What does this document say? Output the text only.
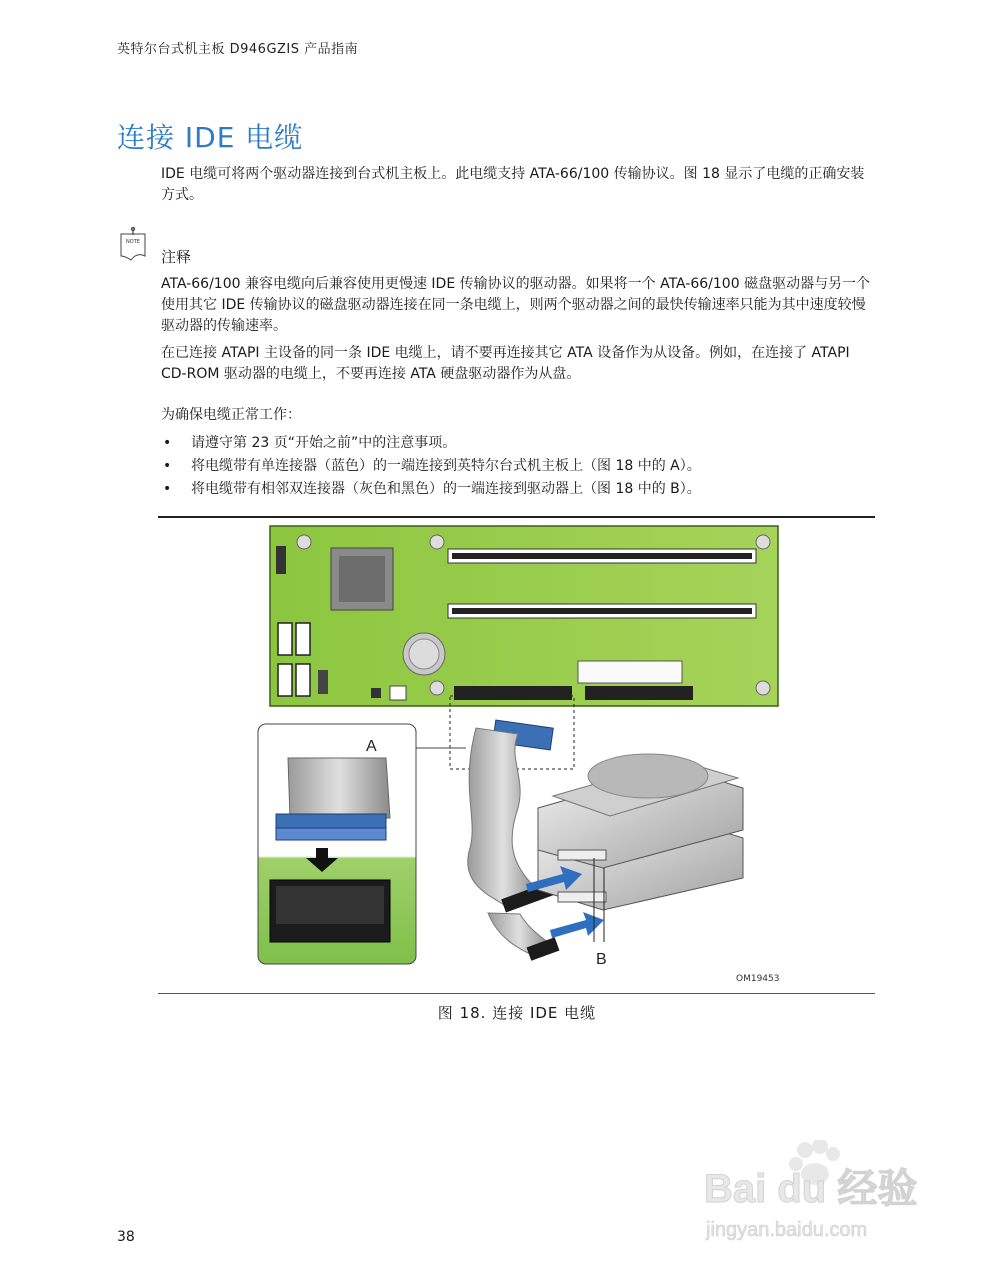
英特尔台式机主板 D946GZIS 产品指南
连接 IDE 电缆

IDE 电缆可将两个驱动器连接到台式机主板上。此电缆支持 ATA-66/100 传输协议。图 18 显示了电缆的正确安装方式。

NOTE
注释

ATA-66/100 兼容电缆向后兼容使用更慢速 IDE 传输协议的驱动器。如果将一个 ATA-66/100 磁盘驱动器与另一个使用其它 IDE 传输协议的磁盘驱动器连接在同一条电缆上，则两个驱动器之间的最快传输速率只能为其中速度较慢驱动器的传输速率。

在已连接 ATAPI 主设备的同一条 IDE 电缆上，请不要再连接其它 ATA 设备作为从设备。例如，在连接了 ATAPI CD-ROM 驱动器的电缆上，不要再连接 ATA 硬盘驱动器作为从盘。

为确保电缆正常工作：

• 请遵守第 23 页“开始之前”中的注意事项。
• 将电缆带有单连接器（蓝色）的一端连接到英特尔台式机主板上（图 18 中的 A）。
• 将电缆带有相邻双连接器（灰色和黑色）的一端连接到驱动器上（图 18 中的 B）。
A
B
OM19453
图 18. 连接 IDE 电缆
38
Bai du 经验
jingyan.baidu.com
